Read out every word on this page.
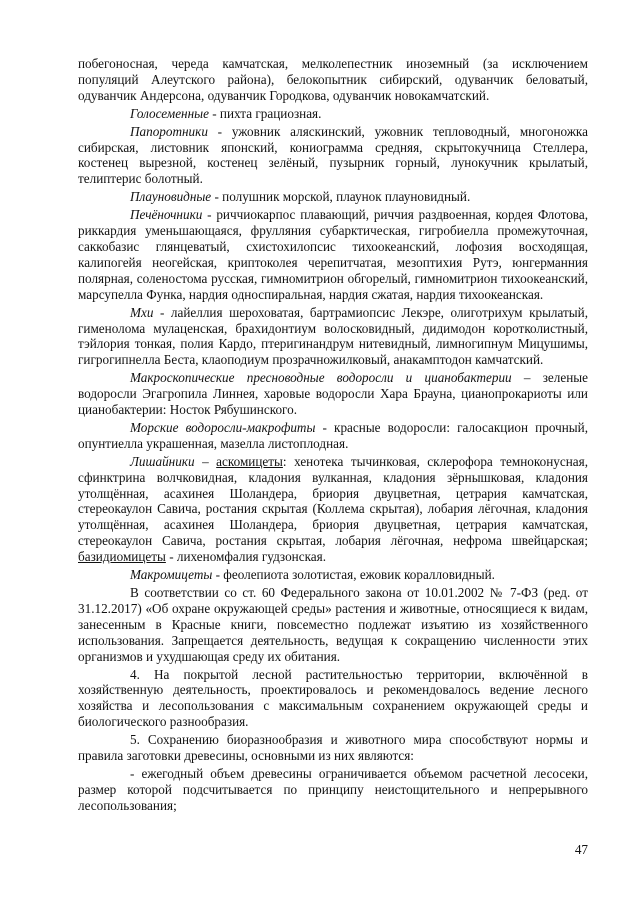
побегоносная, череда камчатская, мелколепестник иноземный (за исключением популяций Алеутского района), белокопытник сибирский, одуванчик беловатый, одуванчик Андерсона, одуванчик Городкова, одуванчик новокамчатский.

Голосеменные - пихта грациозная.

Папоротники - ужовник аляскинский, ужовник тепловодный, многоножка сибирская, листовник японский, кониограмма средняя, скрытокучница Стеллера, костенец вырезной, костенец зелёный, пузырник горный, лунокучник крылатый, телиптерис болотный.

Плауновидные - полушник морской, плаунок плауновидный.

Печёночники - риччиокарпос плавающий, риччия раздвоенная, кордея Флотова, риккардия уменьшающаяся, фрулляния субарктическая, гигробиелла промежуточная, саккобазис глянцеватый, схистохилопсис тихоокеанский, лофозия восходящая, калипогейя неогейская, криптоколея черепитчатая, мезоптихия Рутэ, юнгерманния полярная, соленостома русская, гимномитрион обгорелый, гимномитрион тихоокеанский, марсупелла Функа, нардия односпиральная, нардия сжатая, нардия тихоокеанская.

Мхи - лайеллия шероховатая, бартрамиопсис Лекэре, олиготрихум крылатый, гименолома мулаценская, брахидонтиум волосковидный, дидимодон коротколистный, тэйлория тонкая, полия Кардо, птеригинандрум нитевидный, лимногипнум Мицушимы, гигрогипнелла Беста, клаоподиум прозрачножилковый, анакамптодон камчатский.

Макроскопические пресноводные водоросли и цианобактерии – зеленые водоросли Эгагропила Линнея, харовые водоросли Хара Брауна, цианопрокариоты или цианобактерии: Носток Рябушинского.

Морские водоросли-макрофиты - красные водоросли: галосакцион прочный, опунтиелла украшенная, мазелла листоплодная.

Лишайники – аскомицеты: хенотека тычинковая, склерофора темноконусная, сфинктрина волчковидная, кладония вулканная, кладония зёрнышковая, кладония утолщённая, асахинея Шоландера, бриория двуцветная, цетрария камчатская, стереокаулон Савича, ростания скрытая (Коллема скрытая), лобария лёгочная, кладония утолщённая, асахинея Шоландера, бриория двуцветная, цетрария камчатская, стереокаулон Савича, ростания скрытая, лобария лёгочная, нефрома швейцарская; базидиомицеты - лихеномфалия гудзонская.

Макромицеты - феолепиота золотистая, ежовик коралловидный.

В соответствии со ст. 60 Федерального закона от 10.01.2002 № 7-ФЗ (ред. от 31.12.2017) «Об охране окружающей среды» растения и животные, относящиеся к видам, занесенным в Красные книги, повсеместно подлежат изъятию из хозяйственного использования. Запрещается деятельность, ведущая к сокращению численности этих организмов и ухудшающая среду их обитания.

4. На покрытой лесной растительностью территории, включённой в хозяйственную деятельность, проектировалось и рекомендовалось ведение лесного хозяйства и лесопользования с максимальным сохранением окружающей среды и биологического разнообразия.

5. Сохранению биоразнообразия и животного мира способствуют нормы и правила заготовки древесины, основными из них являются:

- ежегодный объем древесины ограничивается объемом расчетной лесосеки, размер которой подсчитывается по принципу неистощительного и непрерывного лесопользования;

47
